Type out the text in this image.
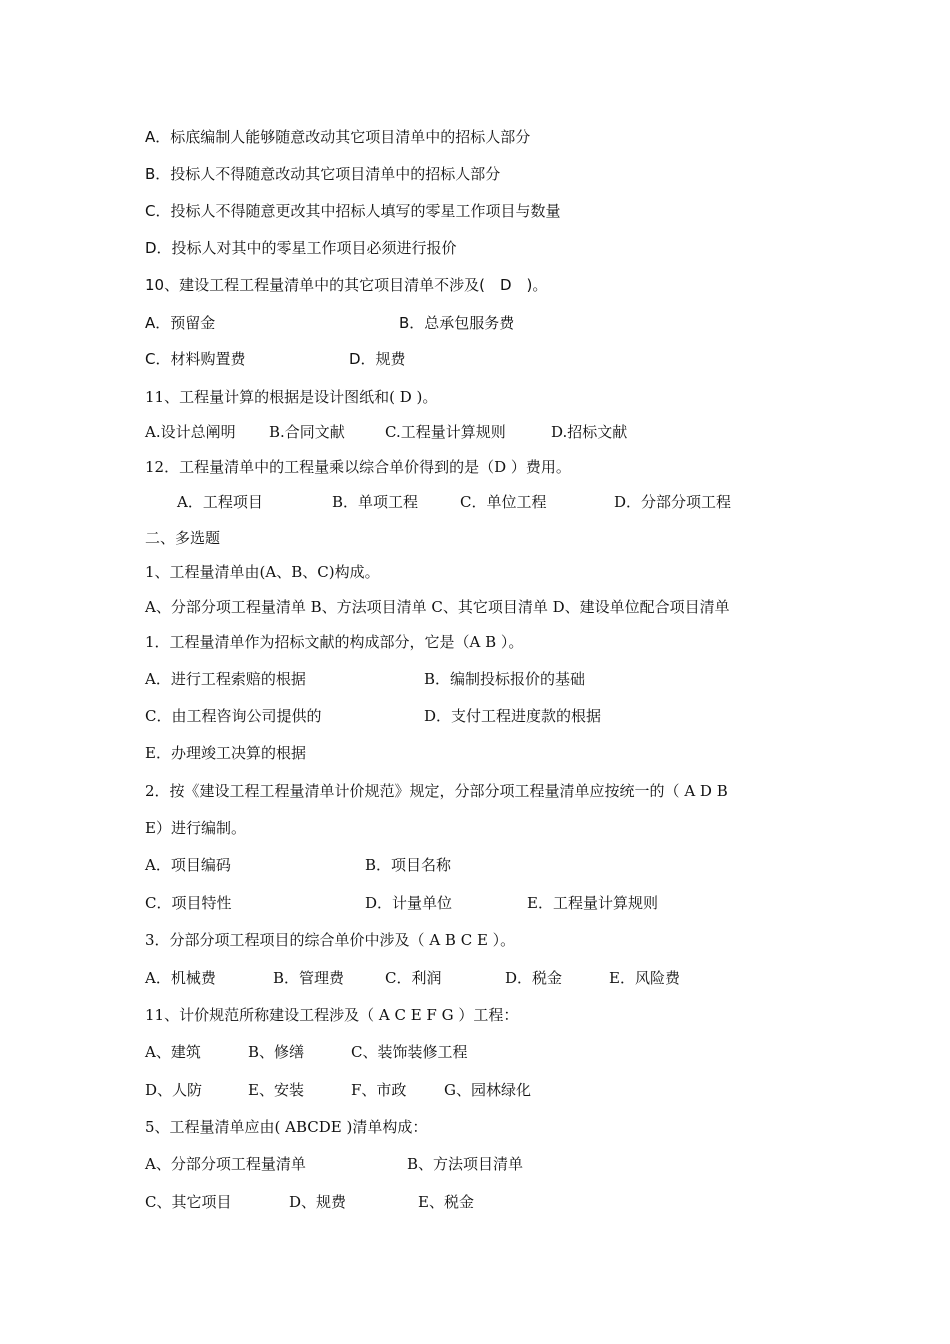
A．标底编制人能够随意改动其它项目清单中的招标人部分

B．投标人不得随意改动其它项目清单中的招标人部分

C．投标人不得随意更改其中招标人填写的零星工作项目与数量

D．投标人对其中的零星工作项目必须进行报价

10、建设工程工程量清单中的其它项目清单不涉及(　D　)。

A．预留金	B．总承包服务费
C．材料购置费	D．规费

11、工程量计算的根据是设计图纸和( D )。

A.设计总阐明 B.合同文献	C.工程量计算规则	D.招标文献

12．工程量清单中的工程量乘以综合单价得到的是（D ）费用。

A．工程项目	B．单项工程	C．单位工程	D．分部分项工程

二、多选题

1、工程量清单由(A、B、C)构成。

A、分部分项工程量清单 B、方法项目清单 C、其它项目清单 D、建设单位配合项目清单

1．工程量清单作为招标文献的构成部分，它是（A B ）。

A．进行工程索赔的根据	B．编制投标报价的基础
C．由工程咨询公司提供的	D．支付工程进度款的根据

E．办理竣工决算的根据

2．按《建设工程工程量清单计价规范》规定，分部分项工程量清单应按统一的（ A D B

E）进行编制。

A．项目编码	B．项目名称
C．项目特性	D．计量单位	E．工程量计算规则

3．分部分项工程项目的综合单价中涉及（ A B C E ）。

A．机械费	B．管理费	C．利润	D．税金	E．风险费

11、计价规范所称建设工程涉及（ A C E F G ）工程：

A、建筑	B、修缮	C、装饰装修工程
D、人防	E、安装	F、市政	G、园林绿化

5、工程量清单应由( ABCDE )清单构成：

A、分部分项工程量清单	B、方法项目清单
C、其它项目	D、规费	E、税金
